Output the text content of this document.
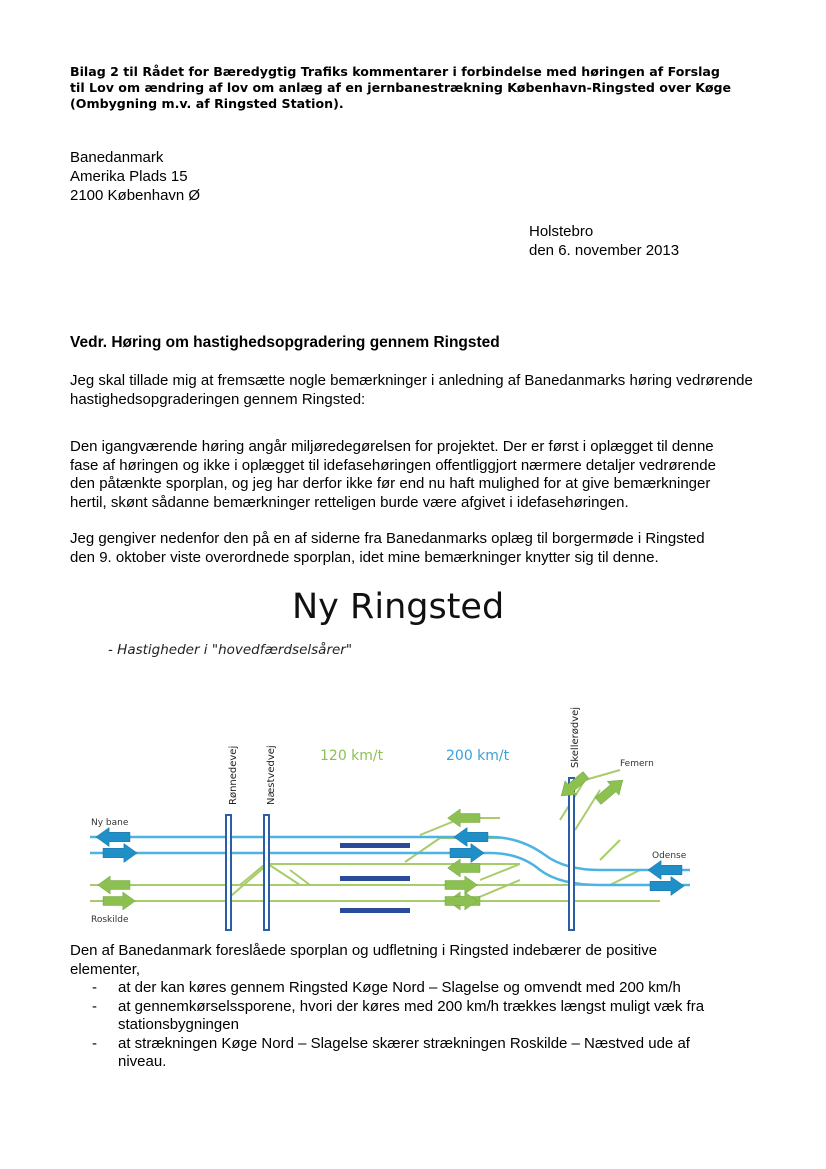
Bilag 2 til Rådet for Bæredygtig Trafiks kommentarer i forbindelse med høringen af Forslag
til Lov om ændring af lov om anlæg af en jernbanestrækning København-Ringsted over Køge
(Ombygning m.v. af Ringsted Station).
Banedanmark
Amerika Plads 15
2100 København Ø
Holstebro
den 6. november 2013
Vedr. Høring om hastighedsopgradering gennem Ringsted
Jeg skal tillade mig at fremsætte nogle bemærkninger i anledning af Banedanmarks høring vedrørende
hastighedsopgraderingen gennem Ringsted:
Den igangværende høring angår miljøredegørelsen for projektet. Der er først i oplægget til denne
fase af høringen og ikke i oplægget til idefasehøringen offentliggjort nærmere detaljer vedrørende
den påtænkte sporplan, og jeg har derfor ikke før end nu haft mulighed for at give bemærkninger
hertil, skønt sådanne bemærkninger retteligen burde være afgivet i idefasehøringen.
Jeg gengiver nedenfor den på en af siderne fra Banedanmarks oplæg til borgermøde i Ringsted
den 9. oktober viste overordnede sporplan, idet mine bemærkninger knytter sig til denne.
Ny Ringsted
- Hastigheder i "hovedfærdselsårer"
120 km/t	200 km/t
Ny bane
Roskilde
Femern
Odense
Rønnedevej	Næstvedvej
Skellerødvej
Den af Banedanmark foreslåede sporplan og udfletning i Ringsted indebærer de positive
elementer,
- at der kan køres gennem Ringsted Køge Nord – Slagelse og omvendt med 200 km/h
- at gennemkørselssporene, hvori der køres med 200 km/h trækkes længst muligt væk fra
stationsbygningen
- at strækningen Køge Nord – Slagelse skærer strækningen Roskilde – Næstved ude af
niveau.
